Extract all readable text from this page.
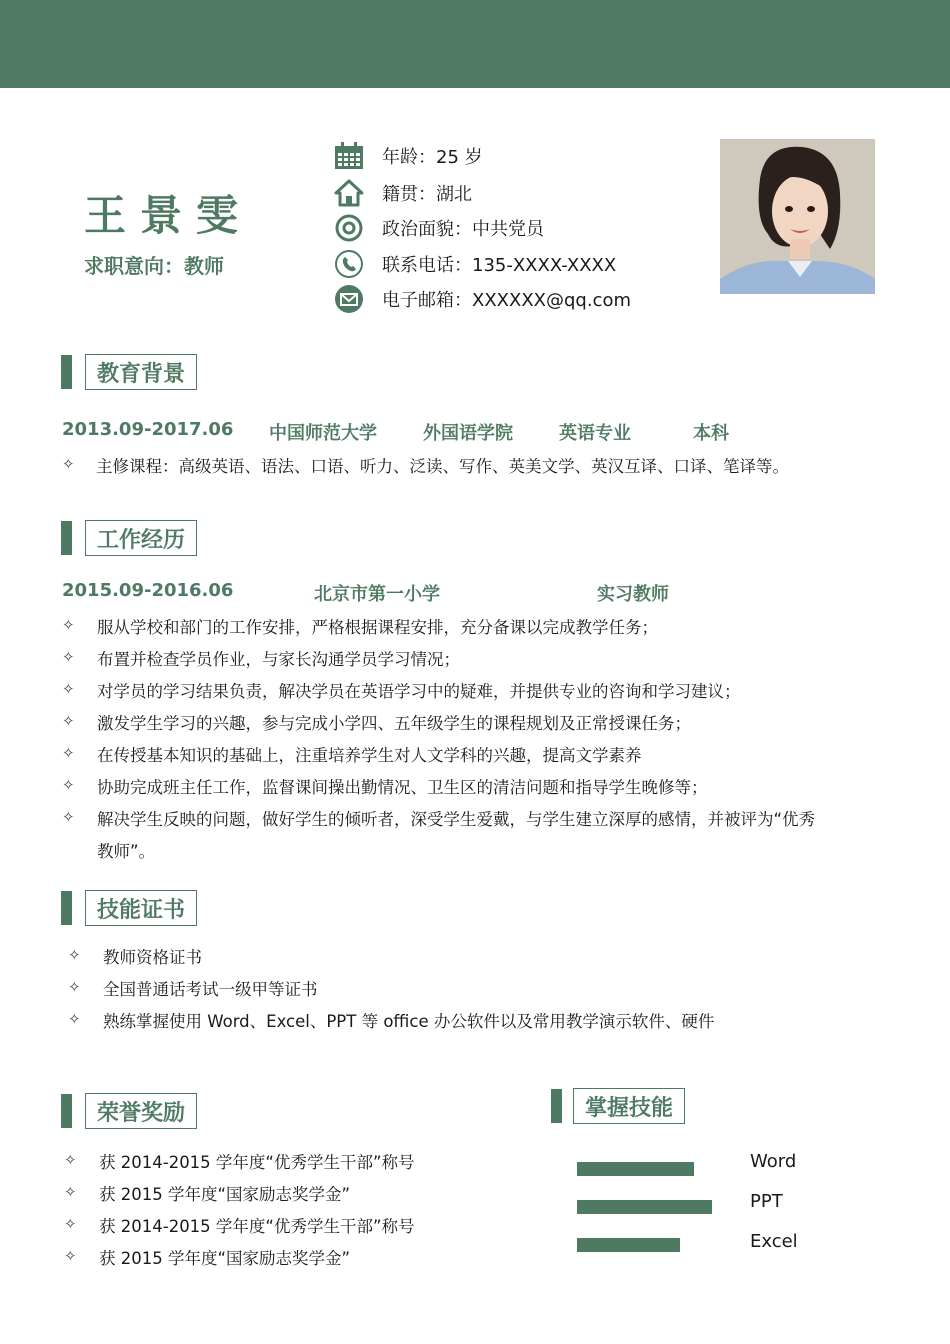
王景雯
求职意向：教师
年龄：25 岁
籍贯：湖北
政治面貌：中共党员
联系电话：135-XXXX-XXXX
电子邮箱：XXXXXX@qq.com
教育背景
2013.09-2017.06 中国师范大学	外国语学院	英语专业	本科
✧ 主修课程：高级英语、语法、口语、听力、泛读、写作、英美文学、英汉互译、口译、笔译等。
工作经历
2015.09-2016.06	北京市第一小学	实习教师
✧ 服从学校和部门的工作安排，严格根据课程安排，充分备课以完成教学任务；
✧ 布置并检查学员作业，与家长沟通学员学习情况；
✧ 对学员的学习结果负责，解决学员在英语学习中的疑难，并提供专业的咨询和学习建议；
✧ 激发学生学习的兴趣，参与完成小学四、五年级学生的课程规划及正常授课任务；
✧ 在传授基本知识的基础上，注重培养学生对人文学科的兴趣，提高文学素养
✧ 协助完成班主任工作，监督课间操出勤情况、卫生区的清洁问题和指导学生晚修等；
✧ 解决学生反映的问题，做好学生的倾听者，深受学生爱戴，与学生建立深厚的感情，并被评为“优秀
教师”。
技能证书
✧ 教师资格证书
✧ 全国普通话考试一级甲等证书
✧ 熟练掌握使用 Word、Excel、PPT 等 office 办公软件以及常用教学演示软件、硬件
荣誉奖励
✧ 获 2014-2015 学年度“优秀学生干部”称号
✧ 获 2015 学年度“国家励志奖学金”
✧ 获 2014-2015 学年度“优秀学生干部”称号
✧ 获 2015 学年度“国家励志奖学金”
掌握技能
Word
PPT
Excel
